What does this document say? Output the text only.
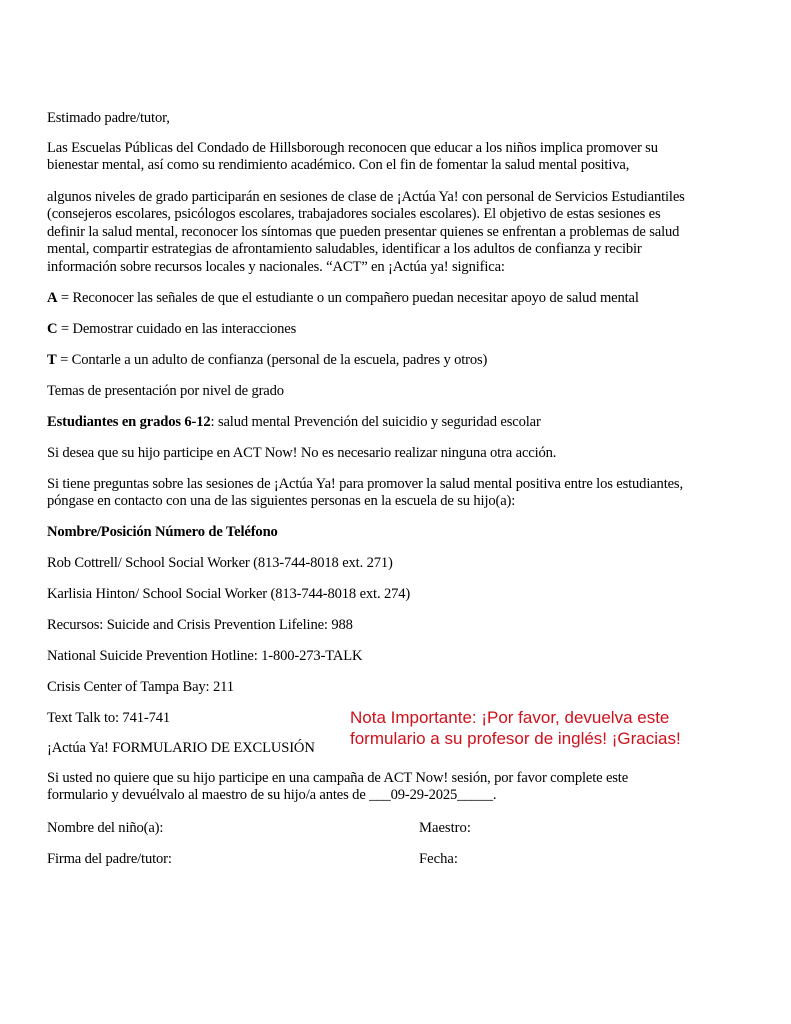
Estimado padre/tutor,
Las Escuelas Públicas del Condado de Hillsborough reconocen que educar a los niños implica promover su
bienestar mental, así como su rendimiento académico. Con el fin de fomentar la salud mental positiva,
algunos niveles de grado participarán en sesiones de clase de ¡Actúa Ya! con personal de Servicios Estudiantiles
(consejeros escolares, psicólogos escolares, trabajadores sociales escolares). El objetivo de estas sesiones es
definir la salud mental, reconocer los síntomas que pueden presentar quienes se enfrentan a problemas de salud
mental, compartir estrategias de afrontamiento saludables, identificar a los adultos de confianza y recibir
información sobre recursos locales y nacionales. “ACT” en ¡Actúa ya! significa:
A = Reconocer las señales de que el estudiante o un compañero puedan necesitar apoyo de salud mental
C = Demostrar cuidado en las interacciones
T = Contarle a un adulto de confianza (personal de la escuela, padres y otros)
Temas de presentación por nivel de grado
Estudiantes en grados 6-12: salud mental Prevención del suicidio y seguridad escolar
Si desea que su hijo participe en ACT Now! No es necesario realizar ninguna otra acción.
Si tiene preguntas sobre las sesiones de ¡Actúa Ya! para promover la salud mental positiva entre los estudiantes,
póngase en contacto con una de las siguientes personas en la escuela de su hijo(a):
Nombre/Posición Número de Teléfono
Rob Cottrell/ School Social Worker (813-744-8018 ext. 271)
Karlisia Hinton/ School Social Worker (813-744-8018 ext. 274)
Recursos: Suicide and Crisis Prevention Lifeline: 988
National Suicide Prevention Hotline: 1-800-273-TALK
Crisis Center of Tampa Bay: 211
Text Talk to: 741-741
¡Actúa Ya! FORMULARIO DE EXCLUSIÓN
Si usted no quiere que su hijo participe en una campaña de ACT Now! sesión, por favor complete este
formulario y devuélvalo al maestro de su hijo/a antes de ___09-29-2025_____.
Nombre del niño(a):	Maestro:
Firma del padre/tutor:	Fecha:
Nota Importante: ¡Por favor, devuelva este
formulario a su profesor de inglés! ¡Gracias!
